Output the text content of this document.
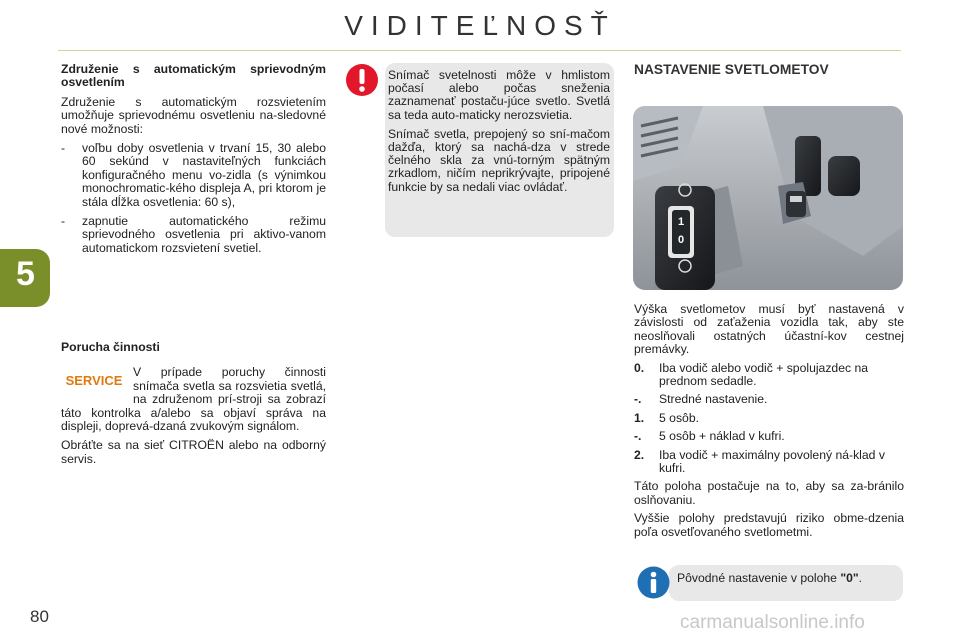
VIDITEĽNOSŤ
5

Združenie s automatickým sprievodným osvetlením

Združenie s automatickým rozsvietením umožňuje sprievodnému osvetleniu na-sledovné nové možnosti:

- voľbu doby osvetlenia v trvaní 15, 30 alebo 60 sekúnd v nastaviteľných funkciách konfiguračného menu vo-zidla (s výnimkou monochromatic-kého displeja A, pri ktorom je stála dĺžka osvetlenia: 60 s),
- zapnutie automatického režimu sprievodného osvetlenia pri aktivo-vanom automatickom rozsvietení svetiel.

Porucha činnosti

SERVICE

V prípade poruchy činnosti snímača svetla sa rozsvietia svetlá, na združenom prí-stroji sa zobrazí táto kontrolka a/alebo sa objaví správa na displeji, doprevá-dzaná zvukovým signálom.

Obráťte sa na sieť CITROËN alebo na odborný servis.

Snímač svetelnosti môže v hmlistom počasí alebo počas sneženia zaznamenať postaču-júce svetlo. Svetlá sa teda auto-maticky nerozsvietia.

Snímač svetla, prepojený so sní-mačom dažďa, ktorý sa nachá-dza v strede čelného skla za vnú-torným spätným zrkadlom, ničím neprikrývajte, pripojené funkcie by sa nedali viac ovládať.

NASTAVENIE SVETLOMETOV
1
0

Výška svetlometov musí byť nastavená v závislosti od zaťaženia vozidla tak, aby ste neoslňovali ostatných účastní-kov cestnej premávky.

0. Iba vodič alebo vodič + spolujazdec na prednom sedadle.
-. Stredné nastavenie.
1. 5 osôb.
-. 5 osôb + náklad v kufri.
2. Iba vodič + maximálny povolený ná-klad v kufri.

Táto poloha postačuje na to, aby sa za-bránilo oslňovaniu.

Vyššie polohy predstavujú riziko obme-dzenia poľa osvetľovaného svetlometmi.

Pôvodné nastavenie v polohe "0".
80	carmanualsonline.info
